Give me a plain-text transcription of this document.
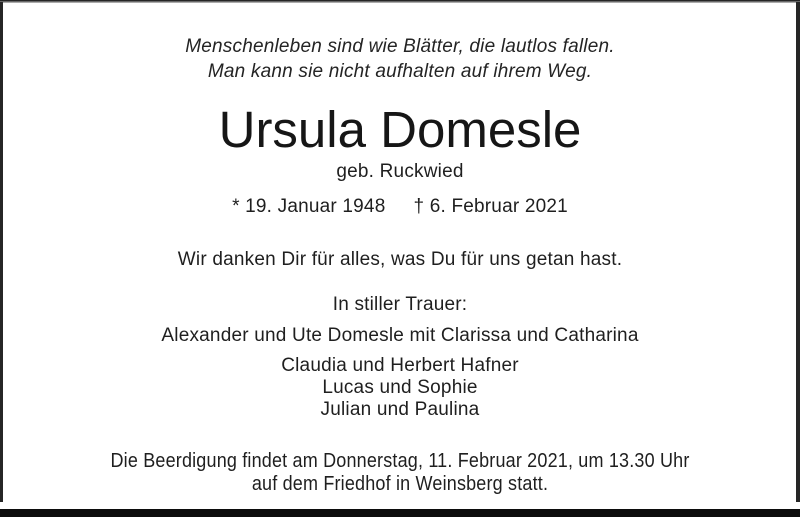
Menschenleben sind wie Blätter, die lautlos fallen.
Man kann sie nicht aufhalten auf ihrem Weg.
Ursula Domesle
geb. Ruckwied
* 19. Januar 1948 † 6. Februar 2021
Wir danken Dir für alles, was Du für uns getan hast.
In stiller Trauer:
Alexander und Ute Domesle mit Clarissa und Catharina
Claudia und Herbert Hafner
Lucas und Sophie
Julian und Paulina
Die Beerdigung findet am Donnerstag, 11. Februar 2021, um 13.30 Uhr
auf dem Friedhof in Weinsberg statt.
